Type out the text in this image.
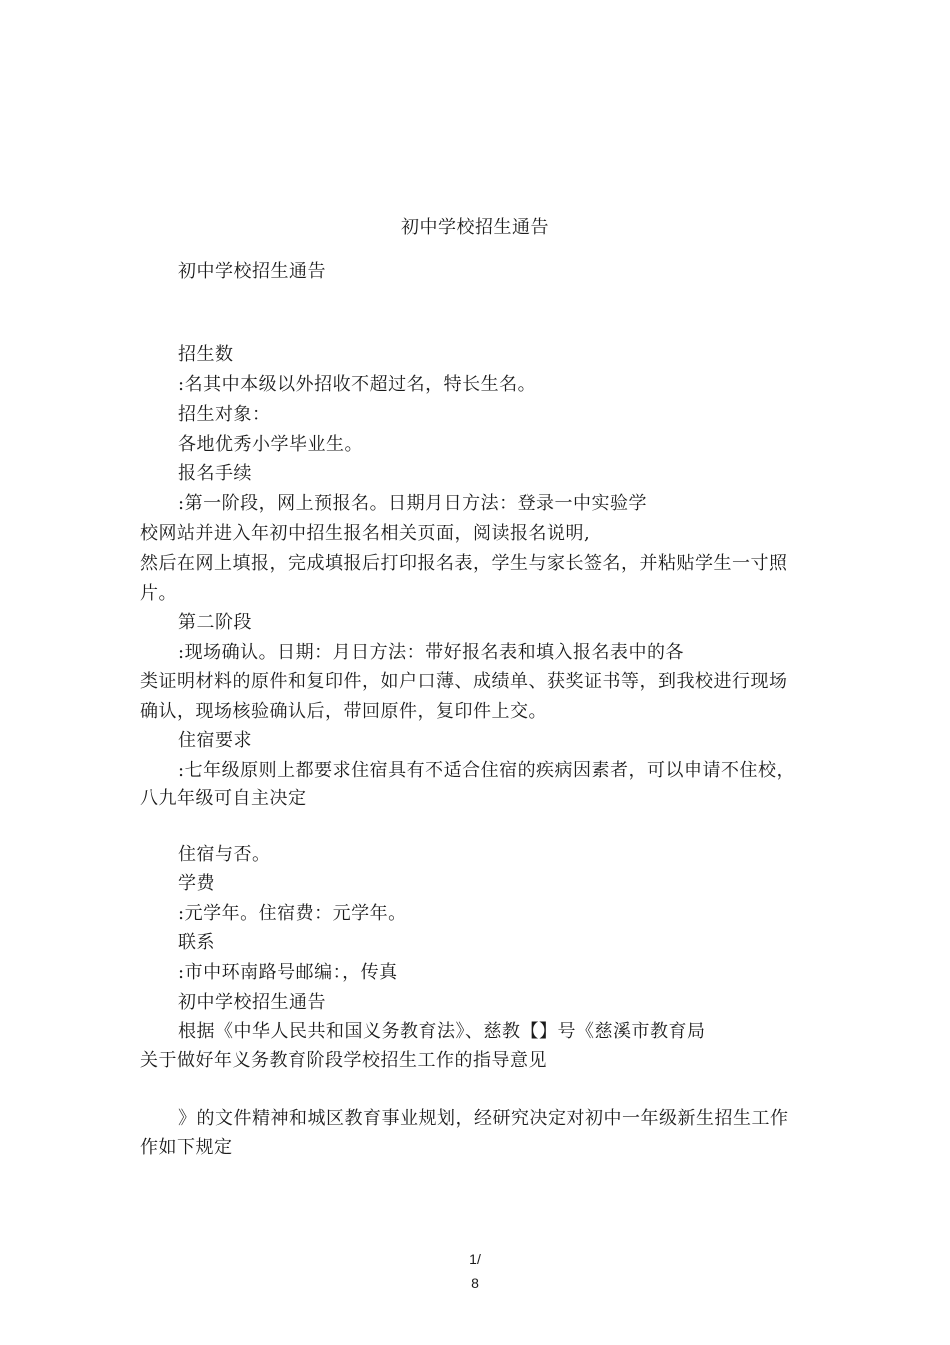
初中学校招生通告
初中学校招生通告
招生数
:名其中本级以外招收不超过名，特长生名。
招生对象：
各地优秀小学毕业生。
报名手续
:第一阶段，网上预报名。日期月日方法：登录一中实验学
校网站并进入年初中招生报名相关页面，阅读报名说明,
然后在网上填报，完成填报后打印报名表，学生与家长签名，并粘贴学生一寸照
片。
第二阶段
:现场确认。日期：月日方法：带好报名表和填入报名表中的各
类证明材料的原件和复印件，如户口薄、成绩单、获奖证书等，到我校进行现场
确认，现场核验确认后，带回原件，复印件上交。
住宿要求
:七年级原则上都要求住宿具有不适合住宿的疾病因素者，可以申请不住校，
八九年级可自主决定
住宿与否。
学费
:元学年。住宿费：元学年。
联系
:市中环南路号邮编：，传真
初中学校招生通告
根据《中华人民共和国义务教育法》、慈教【】号《慈溪市教育局
关于做好年义务教育阶段学校招生工作的指导意见
》的文件精神和城区教育事业规划，经研究决定对初中一年级新生招生工作
作如下规定
1/
8
